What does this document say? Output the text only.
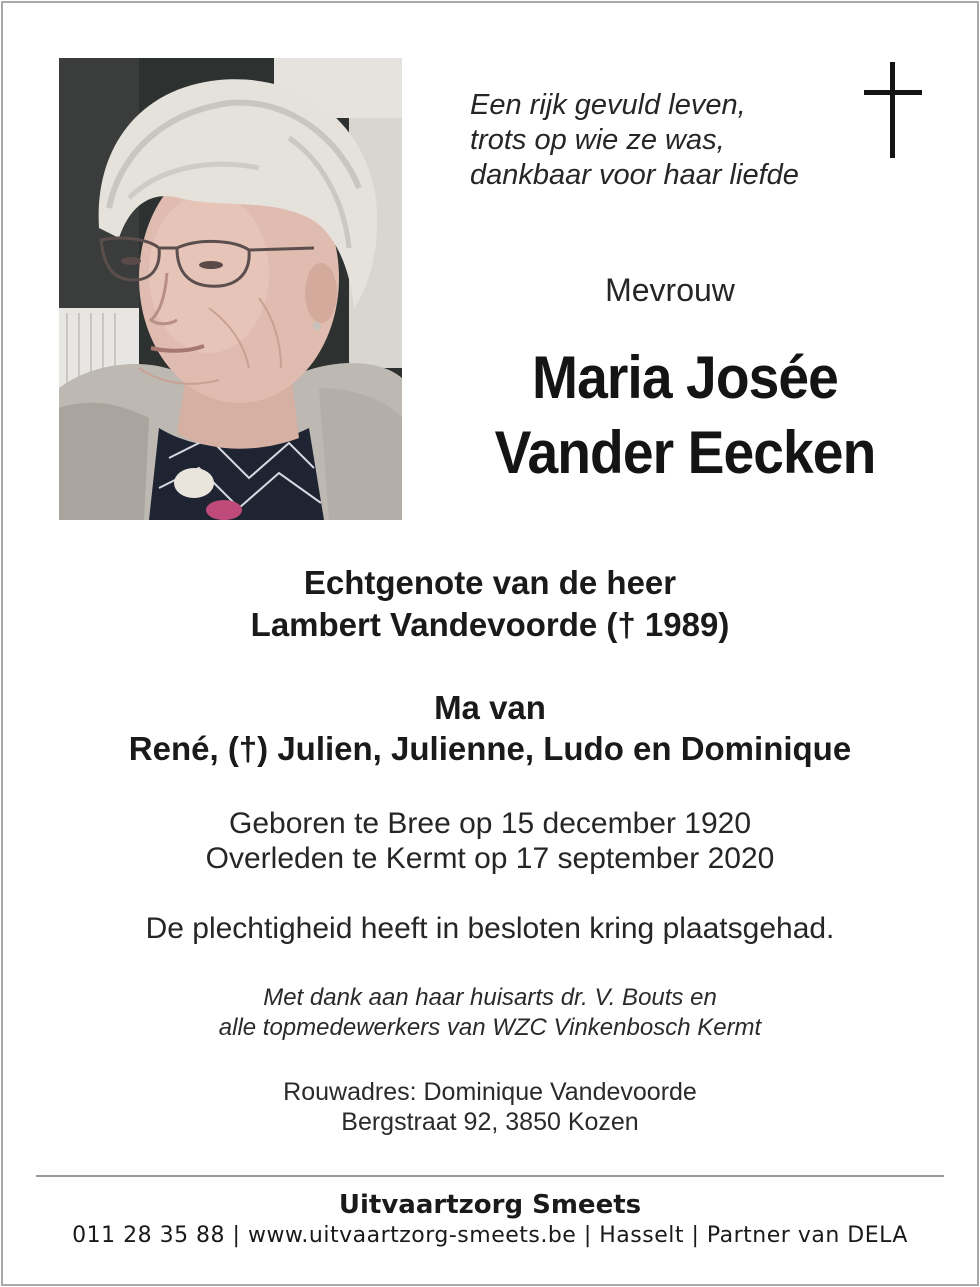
Een rijk gevuld leven,
trots op wie ze was,
dankbaar voor haar liefde
Mevrouw
Maria Josée
Vander Eecken
Echtgenote van de heer
Lambert Vandevoorde († 1989)
Ma van
René, (†) Julien, Julienne, Ludo en Dominique
Geboren te Bree op 15 december 1920
Overleden te Kermt op 17 september 2020
De plechtigheid heeft in besloten kring plaatsgehad.
Met dank aan haar huisarts dr. V. Bouts en
alle topmedewerkers van WZC Vinkenbosch Kermt
Rouwadres: Dominique Vandevoorde
Bergstraat 92, 3850 Kozen
Uitvaartzorg Smeets
011 28 35 88 | www.uitvaartzorg-smeets.be | Hasselt | Partner van DELA
